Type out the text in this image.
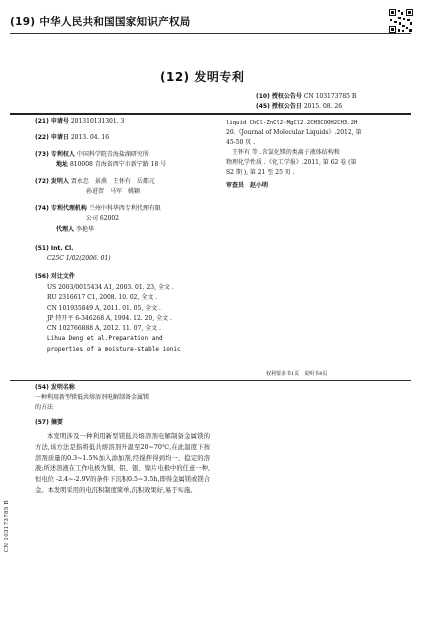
(19) 中华人民共和国国家知识产权局
(12) 发明专利
(10) 授权公告号 CN 103173785 B
(45) 授权公告日 2015. 08. 26
(21) 申请号 201310131301. 3
(22) 申请日 2013. 04. 16
(73) 专利权人 中国科学院青海盐湖研究所
地址 810008 青海省西宁市新宁路 18 号
(72) 发明人 贾永忠　景燕　王怀有　岳都元
孙进贺　马军　姚颖
(74) 专利代理机构 兰州中科华西专利代理有限
公司 62002
代理人 李艳华
(51) Int. Cl.
C25C 1/02(2006. 01)
(56) 对比文件
US 2003/0015434 A1, 2003. 01. 23, 全文 .
RU 2316617 C1, 2008. 10. 02, 全文 .
CN 101935849 A, 2011. 01. 05, 全文 .
JP 特开平 6-346268 A, 1994. 12. 20, 全文 .
CN 102766888 A, 2012. 11. 07, 全文 .
Lihua Deng et al.Preparation and
properties of a moisture-stable ionic
liquid ChCl-ZnCl2-MgCl2.2CH3COOH2CH3.2H
20.《Journal of Molecular Liquids》.2012, 第
45-50 页 .
　王怀有 等 .含氯化镁的类离子液体结构和
物理化学性质 .《化工学报》.2011, 第 62 卷 (第
S2 期 ), 第 21 至 25 页 .
审查员　赵小明
权利要求书1页　说明书4页
(54) 发明名称
一种利用新型镁低共熔溶剂电解制备金属镁
的方法
(57) 摘要
本发明涉及一种利用新型镁低共熔溶剂电解制备金属镁的方法,该方法是指将低共熔溶剂升温至20~70℃,在此温度下按溶剂质量的0.3~1.5%加入添加剂,经搅拌得到均一、稳定的溶液;所述溶液在工作电极为铜、铝、银、镍片电极中的任意一种,恒电位 -2.4~-2.9V的条件下沉积0.5~3.5h,即得金属镁或镁合金。本发明采用的电沉积制度简单,沉积效果好,易于实施。
CN 103173785 B
